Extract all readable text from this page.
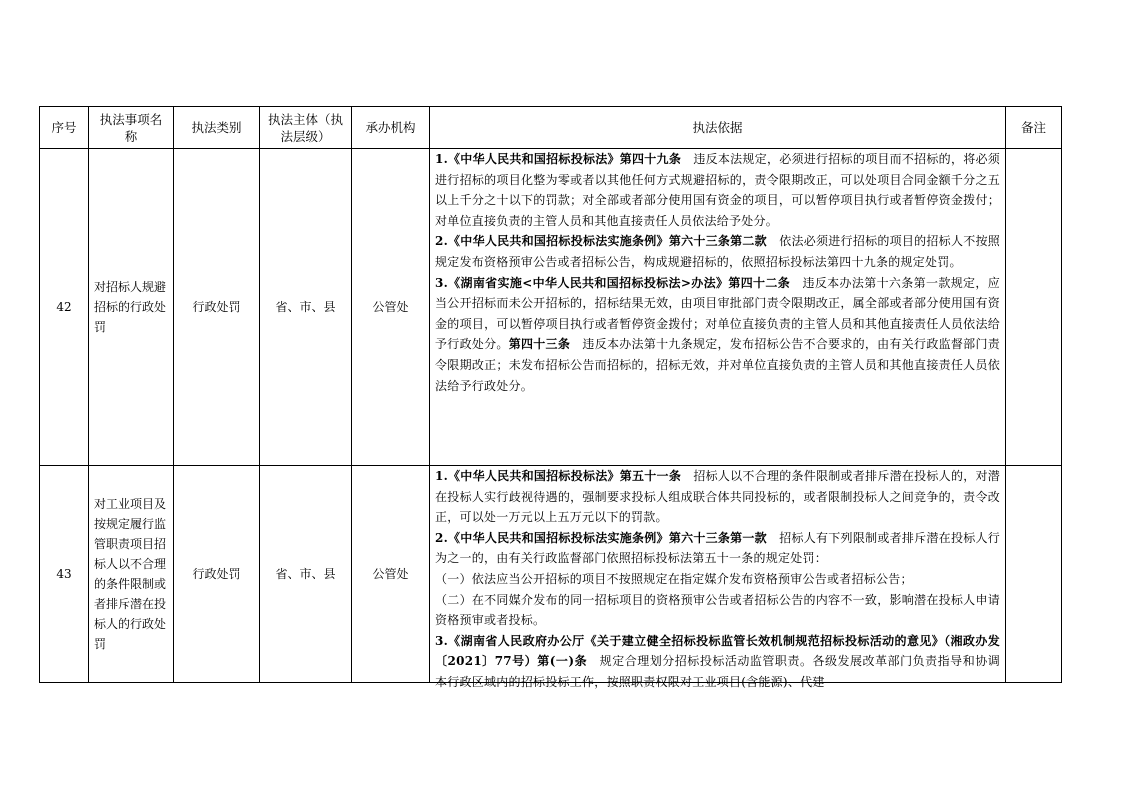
序号	执法事项名称	执法类别	执法主体（执法层级）	承办机构	执法依据	备注
42	对招标人规避招标的行政处罚	行政处罚	省、市、县	公管处	1.《中华人民共和国招标投标法》第四十九条　违反本法规定，必须进行招标的项目而不招标的，将必须进行招标的项目化整为零或者以其他任何方式规避招标的，责令限期改正，可以处项目合同金额千分之五以上千分之十以下的罚款；对全部或者部分使用国有资金的项目，可以暂停项目执行或者暂停资金拨付；对单位直接负责的主管人员和其他直接责任人员依法给予处分。

2.《中华人民共和国招标投标法实施条例》第六十三条第二款　依法必须进行招标的项目的招标人不按照规定发布资格预审公告或者招标公告，构成规避招标的，依照招标投标法第四十九条的规定处罚。

3.《湖南省实施<中华人民共和国招标投标法>办法》第四十二条　违反本办法第十六条第一款规定，应当公开招标而未公开招标的，招标结果无效，由项目审批部门责令限期改正，属全部或者部分使用国有资金的项目，可以暂停项目执行或者暂停资金拨付；对单位直接负责的主管人员和其他直接责任人员依法给予行政处分。第四十三条　违反本办法第十九条规定，发布招标公告不合要求的，由有关行政监督部门责令限期改正；未发布招标公告而招标的，招标无效，并对单位直接负责的主管人员和其他直接责任人员依法给予行政处分。	

43	对工业项目及按规定履行监管职责项目招标人以不合理的条件限制或者排斥潜在投标人的行政处罚	行政处罚	省、市、县	公管处	1.《中华人民共和国招标投标法》第五十一条　招标人以不合理的条件限制或者排斥潜在投标人的，对潜在投标人实行歧视待遇的，强制要求投标人组成联合体共同投标的，或者限制投标人之间竞争的，责令改正，可以处一万元以上五万元以下的罚款。

2.《中华人民共和国招标投标法实施条例》第六十三条第一款　招标人有下列限制或者排斥潜在投标人行为之一的，由有关行政监督部门依照招标投标法第五十一条的规定处罚：

（一）依法应当公开招标的项目不按照规定在指定媒介发布资格预审公告或者招标公告；

（二）在不同媒介发布的同一招标项目的资格预审公告或者招标公告的内容不一致，影响潜在投标人申请资格预审或者投标。

3.《湖南省人民政府办公厅《关于建立健全招标投标监管长效机制规范招标投标活动的意见》（湘政办发〔2021〕77号）第(一)条　规定合理划分招标投标活动监管职责。各级发展改革部门负责指导和协调本行政区域内的招标投标工作，按照职责权限对工业项目(含能源)、代建	
